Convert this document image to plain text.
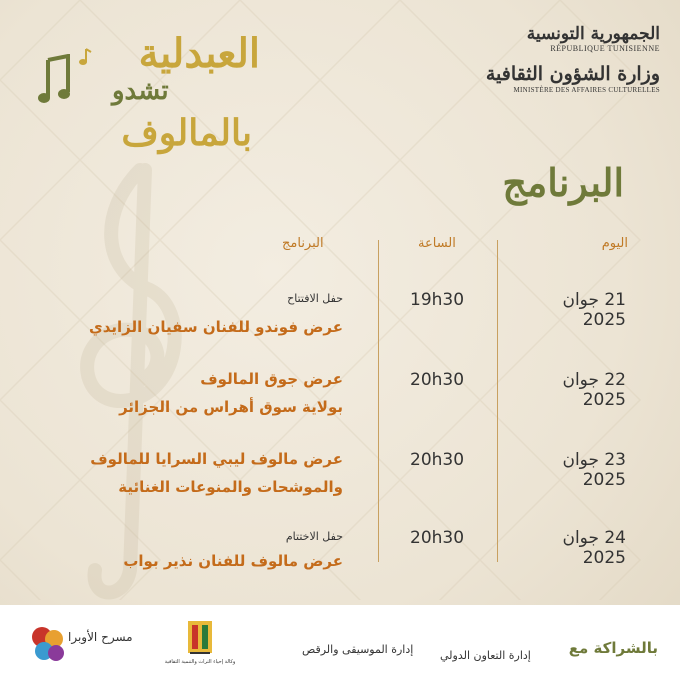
العبدلية
تشدو
بالمالوف
الجمهورية التونسية
RÉPUBLIQUE TUNISIENNE
وزارة الشؤون الثقافية
MINISTÈRE DES AFFAIRES CULTURELLES
البرنامج
اليوم
الساعة
البرنامج
21 جوان 2025
19h30
حفل الافتتاح
عرض فوندو للفنان سفيان الزايدي
22 جوان 2025
20h30
عرض جوق المالوف
بولاية سوق أهراس من الجزائر
23 جوان 2025
20h30
عرض مالوف ليبي السرايا للمالوف
والموشحات والمنوعات الغنائية
24 جوان 2025
20h30
حفل الاختتام
عرض مالوف للفنان نذير بواب
بالشراكة مع
إدارة التعاون الدولي
إدارة الموسيقى والرقص
وكالة إحياء التراث والتنمية الثقافية
مسرح الأوبرا
